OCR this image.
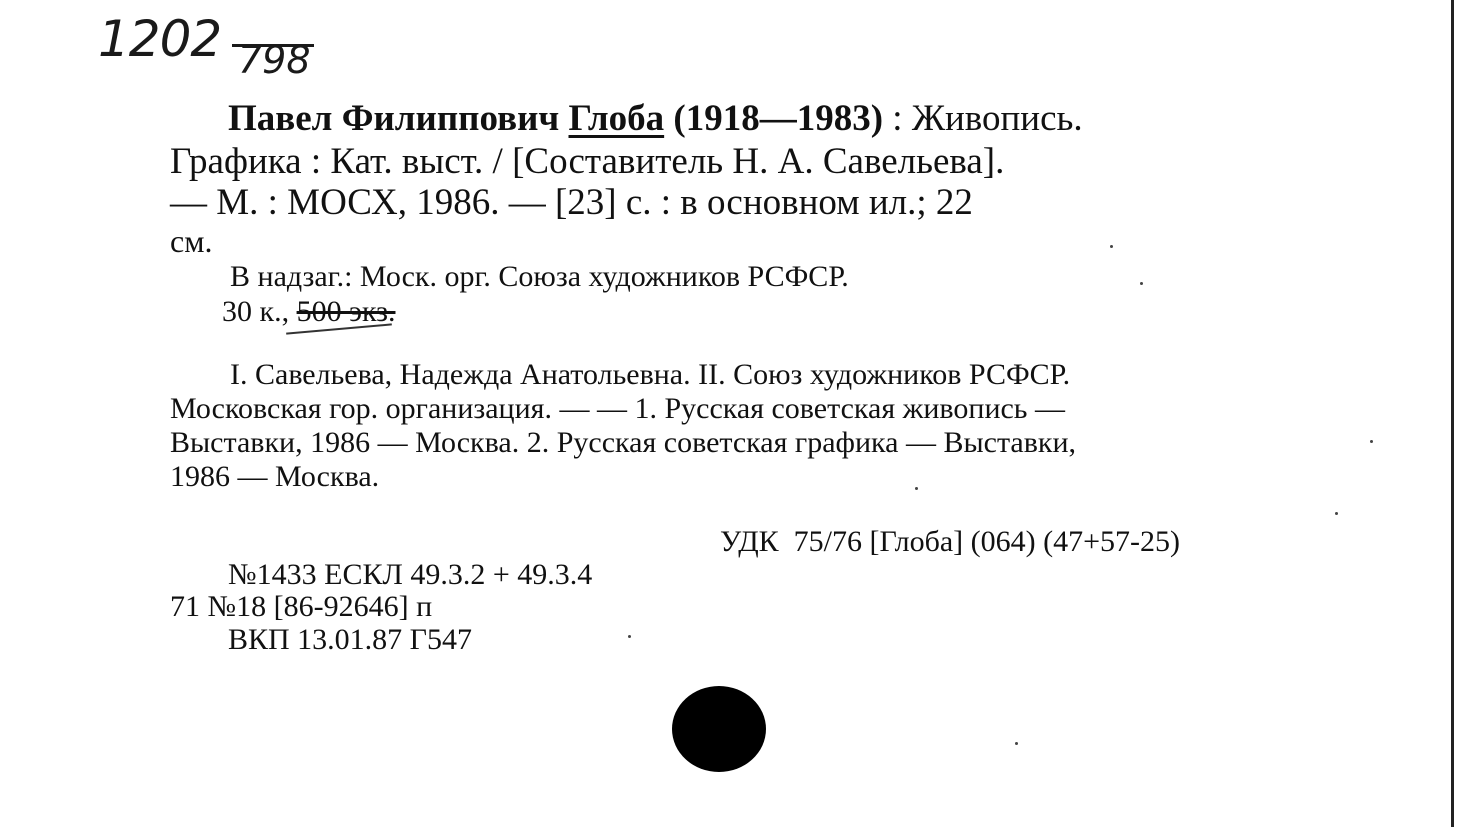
1202 798
Павел Филиппович Глоба (1918—1983) : Живопись.
Графика : Кат. выст. / [Составитель Н. А. Савельева].
— М. : МОСХ, 1986. — [23] с. : в основном ил.; 22
см.
В надзаг.: Моск. орг. Союза художников РСФСР.
30 к., 500 экз.
I. Савельева, Надежда Анатольевна. II. Союз художников РСФСР.
Московская гор. организация. — — 1. Русская советская живопись —
Выставки, 1986 — Москва. 2. Русская советская графика — Выставки,
1986 — Москва.
УДК  75/76 [Глоба] (064) (47+57-25)
№1433 ЕСКЛ 49.3.2 + 49.3.4
71 №18 [86-92646] п
ВКП 13.01.87 Г547
